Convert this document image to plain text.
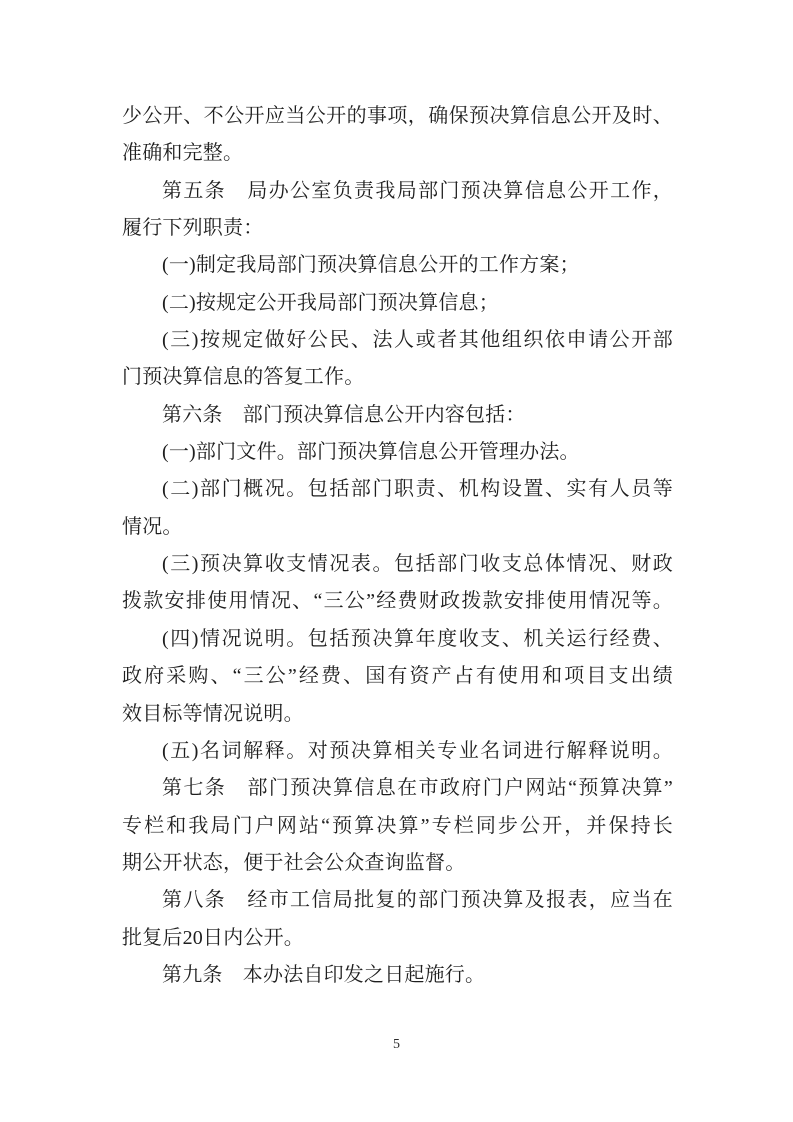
少公开、不公开应当公开的事项，确保预决算信息公开及时、
准确和完整。
第五条　局办公室负责我局部门预决算信息公开工作，
履行下列职责：
(一)制定我局部门预决算信息公开的工作方案；
(二)按规定公开我局部门预决算信息；
(三)按规定做好公民、法人或者其他组织依申请公开部
门预决算信息的答复工作。
第六条　部门预决算信息公开内容包括：
(一)部门文件。部门预决算信息公开管理办法。
(二)部门概况。包括部门职责、机构设置、实有人员等
情况。
(三)预决算收支情况表。包括部门收支总体情况、财政
拨款安排使用情况、“三公”经费财政拨款安排使用情况等。
(四)情况说明。包括预决算年度收支、机关运行经费、
政府采购、“三公”经费、国有资产占有使用和项目支出绩
效目标等情况说明。
(五)名词解释。对预决算相关专业名词进行解释说明。
第七条　部门预决算信息在市政府门户网站“预算决算”
专栏和我局门户网站“预算决算”专栏同步公开，并保持长
期公开状态，便于社会公众查询监督。
第八条　经市工信局批复的部门预决算及报表，应当在
批复后20日内公开。
第九条　本办法自印发之日起施行。
5
